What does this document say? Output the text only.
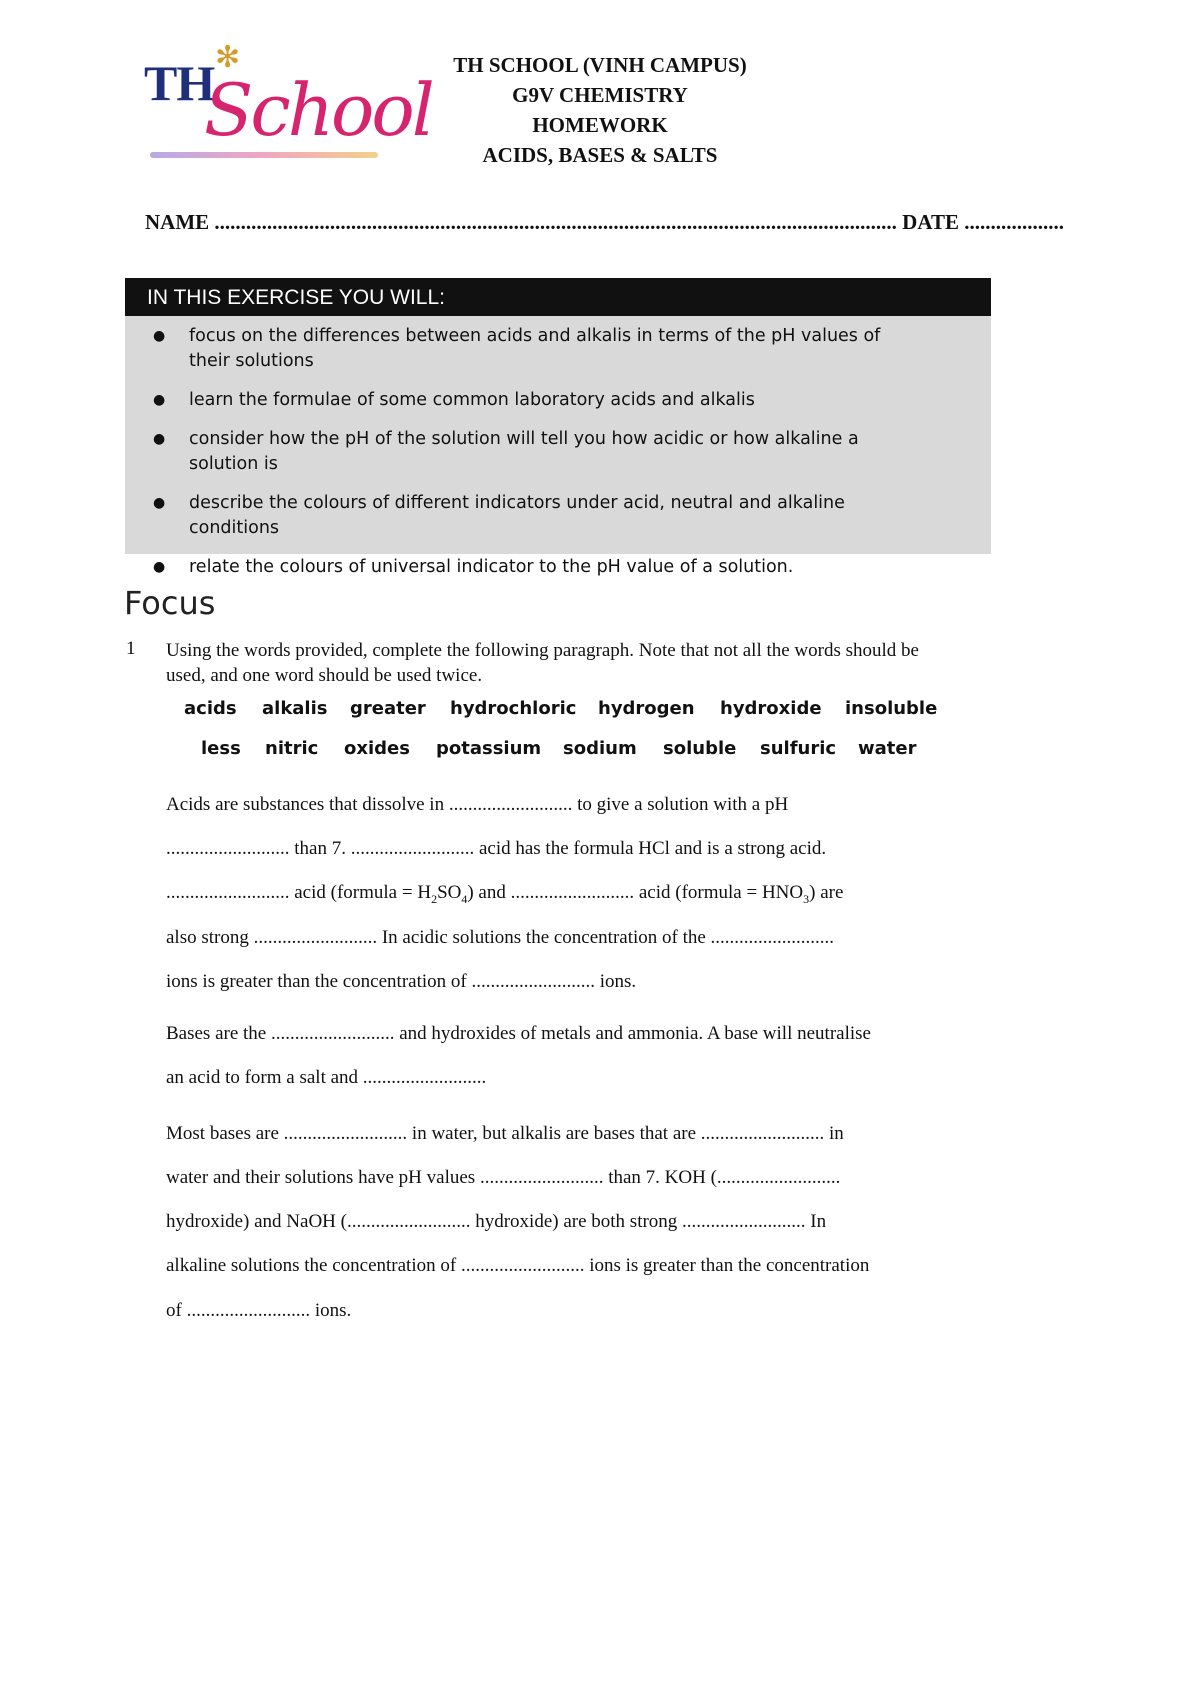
✻
TH
School
TH SCHOOL (VINH CAMPUS)
G9V CHEMISTRY
HOMEWORK
ACIDS, BASES & SALTS
NAME .................................................................................................................................. DATE ...................
IN THIS EXERCISE YOU WILL:
● focus on the differences between acids and alkalis in terms of the pH values of their solutions
● learn the formulae of some common laboratory acids and alkalis
● consider how the pH of the solution will tell you how acidic or how alkaline a solution is
● describe the colours of different indicators under acid, neutral and alkaline conditions
● relate the colours of universal indicator to the pH value of a solution.
Focus
1 Using the words provided, complete the following paragraph. Note that not all the words should be used, and one word should be used twice.
acids alkalis greater hydrochloric hydrogen hydroxide insoluble
less nitric oxides potassium sodium soluble sulfuric water
Acids are substances that dissolve in .......................... to give a solution with a pH
.......................... than 7. .......................... acid has the formula HCl and is a strong acid.
.......................... acid (formula = $H_2SO_4$) and .......................... acid (formula = $HNO_3$) are
also strong .......................... In acidic solutions the concentration of the ..........................
ions is greater than the concentration of .......................... ions.
Bases are the .......................... and hydroxides of metals and ammonia. A base will neutralise
an acid to form a salt and ..........................
Most bases are .......................... in water, but alkalis are bases that are .......................... in
water and their solutions have pH values .......................... than 7. KOH (..........................
hydroxide) and NaOH (.......................... hydroxide) are both strong .......................... In
alkaline solutions the concentration of .......................... ions is greater than the concentration
of .......................... ions.
